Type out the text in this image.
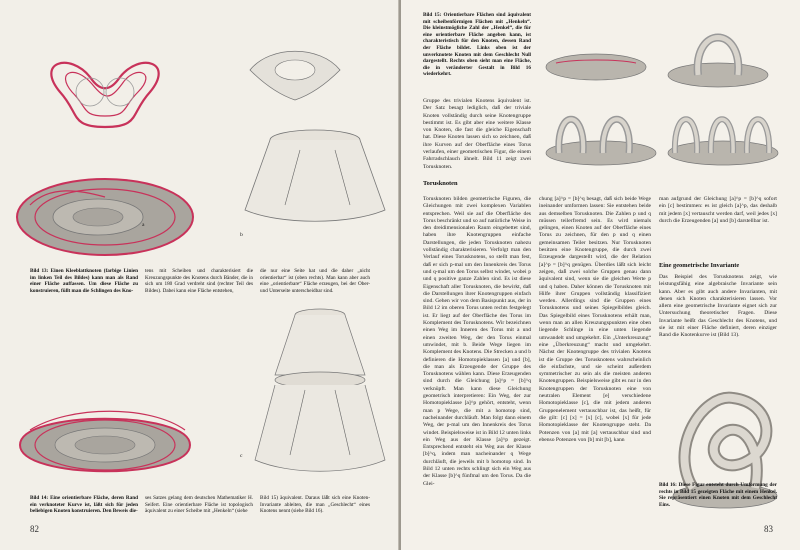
a
b
Bild 13: Einen Kleeblattknoten (farbige Linien im linken Teil des Bildes) kann man als Rand einer Fläche auffassen. Um diese Fläche zu konstruieren, füllt man die Schlingen des Kno-
tens mit Scheiben und charakterisiert die Kreuzungspunkte des Knotens durch Bänder, die in sich um 180 Grad verdreht sind (rechter Teil des Bildes). Dabei kann eine Fläche entstehen,
die nur eine Seite hat und die daher „nicht orientierbar“ ist (oben rechts). Man kann aber auch eine „orientierbare“ Fläche erzeugen, bei der Ober- und Unterseite unterscheidbar sind.
c
Bild 14: Eine orientierbare Fläche, deren Rand ein verknoteter Kurve ist, läßt sich für jeden beliebigen Knoten konstruieren. Den Beweis die-
ses Satzes gelang dem deutschen Mathematiker H. Seifert. Eine orientierbare Fläche ist topologisch äquivalent zu einer Scheibe mit „Henkeln“ (siehe
Bild 15) äquivalent. Daraus läßt sich eine Knoten-Invariante ableiten, die man „Geschlecht“ eines Knotens nennt (siehe Bild 16).
82
Bild 15: Orientierbare Flächen sind äquivalent mit scheibenförmigen Flächen mit „Henkeln“. Die kleinstmögliche Zahl der „Henkel“, die für eine orientierbare Fläche angeben kann, ist charakteristisch für den Knoten, dessen Rand der Fläche bildet. Links oben ist der unverknotete Knoten mit dem Geschlecht Null dargestellt. Rechts oben sieht man eine Fläche, die in veränderter Gestalt in Bild 16 wiederkehrt.
Gruppe des trivialen Knotens äquivalent ist. Der Satz besagt lediglich, daß der triviale Knoten vollständig durch seine Knotengruppe bestimmt ist. Es gibt aber eine weitere Klasse von Knoten, die fast die gleiche Eigenschaft hat. Diese Knoten lassen sich so zeichnen, daß ihre Kurven auf der Oberfläche eines Torus verlaufen, einer geometrischen Figur, die einem Fahrradschlauch ähnelt. Bild 11 zeigt zwei Torusknoten.
Torusknoten
Torusknoten bilden geometrische Figuren, die Gleichungen mit zwei komplexen Variablen entsprechen. Weil sie auf die Oberfläche des Torus beschränkt und so auf natürliche Weise in den dreidimensionalen Raum eingebettet sind, haben ihre Knotengruppen einfache Darstellungen, die jeden Torusknoten nahezu vollständig charakterisieren. Verfolgt man den Verlauf eines Torusknotens, so stellt man fest, daß er sich p-mal um den Innenkreis des Torus und q-mal um den Torus selbst windet, wobei p und q positive ganze Zahlen sind. Es ist diese Eigenschaft aller Torusknoten, die bewirkt, daß die Darstellungen ihrer Knotengruppen einfach sind. Gehen wir von dem Basispunkt aus, der in Bild 12 im oberen Torus unten rechts festgelegt ist. Er liegt auf der Oberfläche des Torus im Komplement des Torusknotens. Wir bezeichnen einen Weg im Inneren des Torus mit a und einen zweiten Weg, der den Torus einmal umwindet, mit b. Beide Wege liegen im Komplement des Knotens. Die Strecken a und b definieren die Homotopieklassen [a] und [b], die man als Erzeugende der Gruppe des Torusknotens wählen kann. Diese Erzeugenden sind durch die Gleichung [a]^p = [b]^q verknüpft. Man kann diese Gleichung geometrisch interpretieren: Ein Weg, der zur Homotopieklasse [a]^p gehört, entsteht, wenn man p Wege, die mit a homotop sind, nacheinander durchläuft. Man folgt dann einem Weg, der p-mal um den Innenkreis des Torus windet. Beispielsweise ist in Bild 12 unten links ein Weg aus der Klasse [a]^p gezeigt. Entsprechend entsteht ein Weg aus der Klasse [b]^q, indem man nacheinander q Wege durchläuft, die jeweils mit b homotop sind. In Bild 12 unten rechts schlingt sich ein Weg aus der Klasse [b]^q fünfmal um den Torus. Da die Glei-
chung [a]^p = [b]^q besagt, daß sich beide Wege ineinander umformen lassen: Sie entstehen beide aus demselben Torusknoten. Die Zahlen p und q müssen teilerfremd sein. Es wird niemals gelingen, einen Knoten auf der Oberfläche eines Torus zu zeichnen, für den p und q einen gemeinsamen Teiler besitzen. Nur Torusknoten besitzen eine Knotengruppe, die durch zwei Erzeugende dargestellt wird, die der Relation [a]^p = [b]^q genügen. Überdies läßt sich leicht zeigen, daß zwei solche Gruppen genau dann äquivalent sind, wenn sie die gleichen Werte p und q haben. Daher können die Torusknoten mit Hilfe ihrer Gruppen vollständig klassifiziert werden. Allerdings sind die Gruppen eines Torusknotens und seines Spiegelbildes gleich. Das Spiegelbild eines Torusknotens erhält man, wenn man an allen Kreuzungspunkten eine oben liegende Schlinge in eine unten liegende umwandelt und umgekehrt. Ein „Unterkreuzung“ eine „Überkreuzung“ macht und umgekehrt. Nächst der Knotengruppe des trivialen Knotens ist die Gruppe des Torusknotens wahrscheinlich die einfachste, und sie scheint außerdem symmetrischer zu sein als die meisten anderen Knotengruppen. Beispielsweise gibt es nur in den Knotengruppen der Torusknoten eine von neutralen Element [e] verschiedene Homotopieklasse [c], die mit jedem anderen Gruppenelement vertauschbar ist, das heißt, für die gilt: [c] [x] = [x] [c], wobei [x] für jede Homotopieklasse der Knotengruppe steht. Da Potenzen von [a] mit [a] vertauschbar sind und ebenso Potenzen von [b] mit [b], kann
man aufgrund der Gleichung [a]^p = [b]^q sofort ein [c] bestimmen: es ist gleich [a]^p, das deshalb mit jedem [x] vertauscht werden darf, weil jedes [x] durch die Erzeugenden [a] und [b] darstellbar ist.
Eine geometrische Invariante
Das Beispiel des Torusknotens zeigt, wie leistungsfähig eine algebraische Invariante sein kann. Aber es gibt auch andere Invarianten, mit denen sich Knoten charakterisieren lassen. Vor allem eine geometrische Invariante eignet sich zur Untersuchung theoretischer Fragen. Diese Invariante heißt das Geschlecht des Knotens, und sie ist mit einer Fläche definiert, deren einziger Rand die Knotenkurve ist (Bild 13).
Bild 16: Diese Figur entsteht durch Umformung der rechts in Bild 15 gezeigten Fläche mit einem Henkel. Sie repräsentiert einen Knoten mit dem Geschlecht Eins.
83
